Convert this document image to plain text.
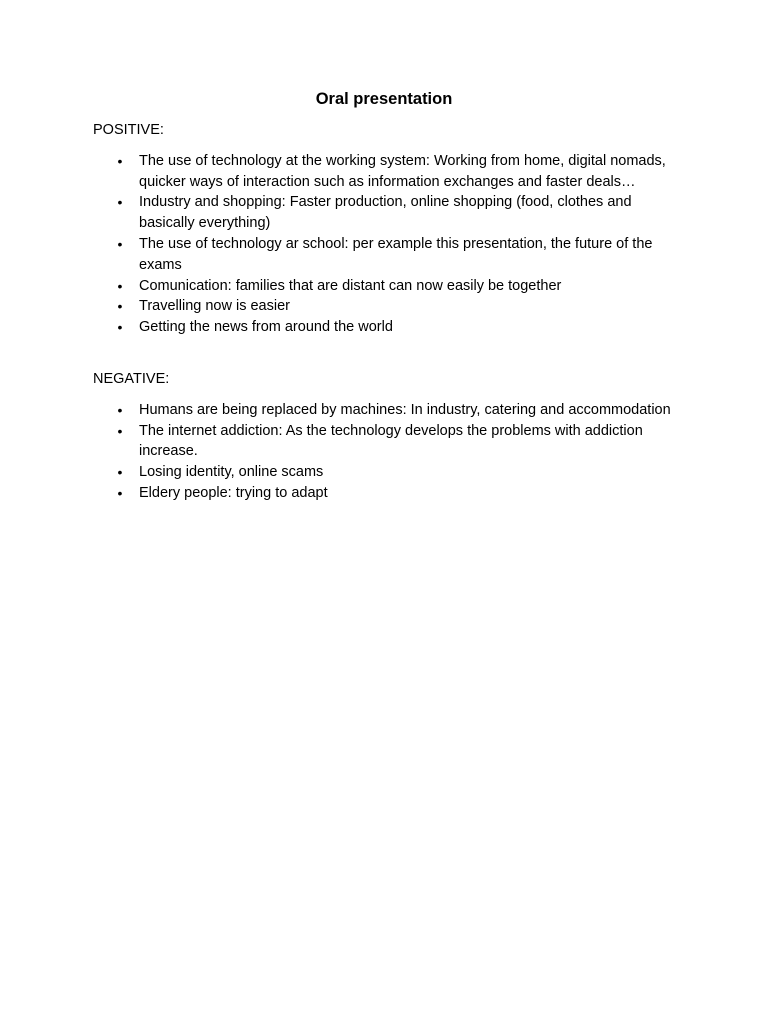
Oral presentation

POSITIVE:

• The use of technology at the working system: Working from home, digital nomads, quicker ways of interaction such as information exchanges and faster deals…
• Industry and shopping: Faster production, online shopping (food, clothes and basically everything)
• The use of technology ar school: per example this presentation, the future of the exams
• Comunication: families that are distant can now easily be together
• Travelling now is easier
• Getting the news from around the world

NEGATIVE:

• Humans are being replaced by machines: In industry, catering and accommodation
• The internet addiction: As the technology develops the problems with addiction increase.
• Losing identity, online scams
• Eldery people: trying to adapt
